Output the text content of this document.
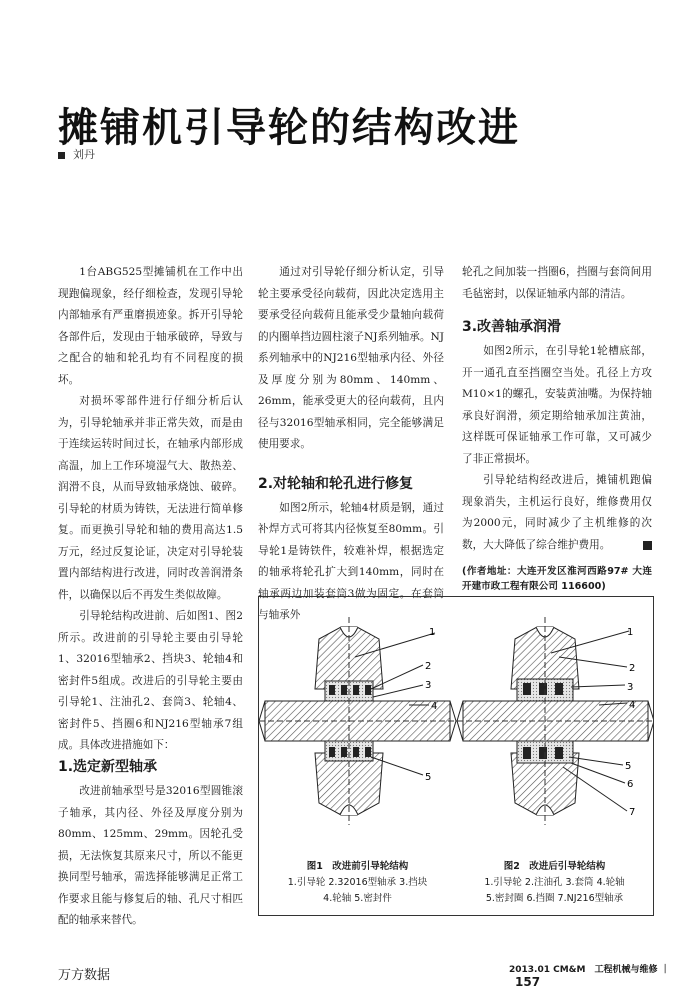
摊铺机引导轮的结构改进
刘丹

1台ABG525型摊铺机在工作中出现跑偏现象，经仔细检查，发现引导轮内部轴承有严重磨损迹象。拆开引导轮各部件后，发现由于轴承破碎，导致与之配合的轴和轮孔均有不同程度的损坏。

对损坏零部件进行仔细分析后认为，引导轮轴承并非正常失效，而是由于连续运转时间过长，在轴承内部形成高温，加上工作环境湿气大、散热差、润滑不良，从而导致轴承烧蚀、破碎。引导轮的材质为铸铁，无法进行简单修复。而更换引导轮和轴的费用高达1.5万元，经过反复论证，决定对引导轮装置内部结构进行改进，同时改善润滑条件，以确保以后不再发生类似故障。

引导轮结构改进前、后如图1、图2所示。改进前的引导轮主要由引导轮1、32016型轴承2、挡块3、轮轴4和密封件5组成。改进后的引导轮主要由引导轮1、注油孔2、套筒3、轮轴4、密封件5、挡圈6和NJ216型轴承7组成。具体改进措施如下：

1.选定新型轴承

改进前轴承型号是32016型圆锥滚子轴承，其内径、外径及厚度分别为80mm、125mm、29mm。因轮孔受损，无法恢复其原来尺寸，所以不能更换同型号轴承，需选择能够满足正常工作要求且能与修复后的轴、孔尺寸相匹配的轴承来替代。

通过对引导轮仔细分析认定，引导轮主要承受径向载荷，因此决定选用主要承受径向载荷且能承受少量轴向载荷的内圈单挡边圆柱滚子NJ系列轴承。NJ系列轴承中的NJ216型轴承内径、外径及厚度分别为80mm、140mm、26mm，能承受更大的径向载荷，且内径与32016型轴承相同，完全能够满足使用要求。

2.对轮轴和轮孔进行修复

如图2所示，轮轴4材质是钢，通过补焊方式可将其内径恢复至80mm。引导轮1是铸铁件，较难补焊，根据选定的轴承将轮孔扩大到140mm，同时在轴承两边加装套筒3做为固定。在套筒与轴承外

轮孔之间加装一挡圈6，挡圈与套筒间用毛毡密封，以保证轴承内部的清洁。

3.改善轴承润滑

如图2所示，在引导轮1轮槽底部，开一通孔直至挡圈空当处。孔径上方攻M10×1的螺孔，安装黄油嘴。为保持轴承良好润滑，须定期给轴承加注黄油，这样既可保证轴承工作可靠，又可减少了非正常损坏。

引导轮结构经改进后，摊铺机跑偏现象消失，主机运行良好，维修费用仅为2000元，同时减少了主机维修的次数，大大降低了综合维护费用。

(作者地址：大连开发区淮河西路97# 大连开建市政工程有限公司 116600)
1
2
3
4
5
1
2
3
4
5
6
7
图1　改进前引导轮结构
1.引导轮 2.32016型轴承 3.挡块
4.轮轴 5.密封件
图2　改进后引导轮结构
1.引导轮 2.注油孔 3.套筒 4.轮轴
5.密封圈 6.挡圈 7.NJ216型轴承
2013.01 CM&M　工程机械与维修 ｜157
万方数据
